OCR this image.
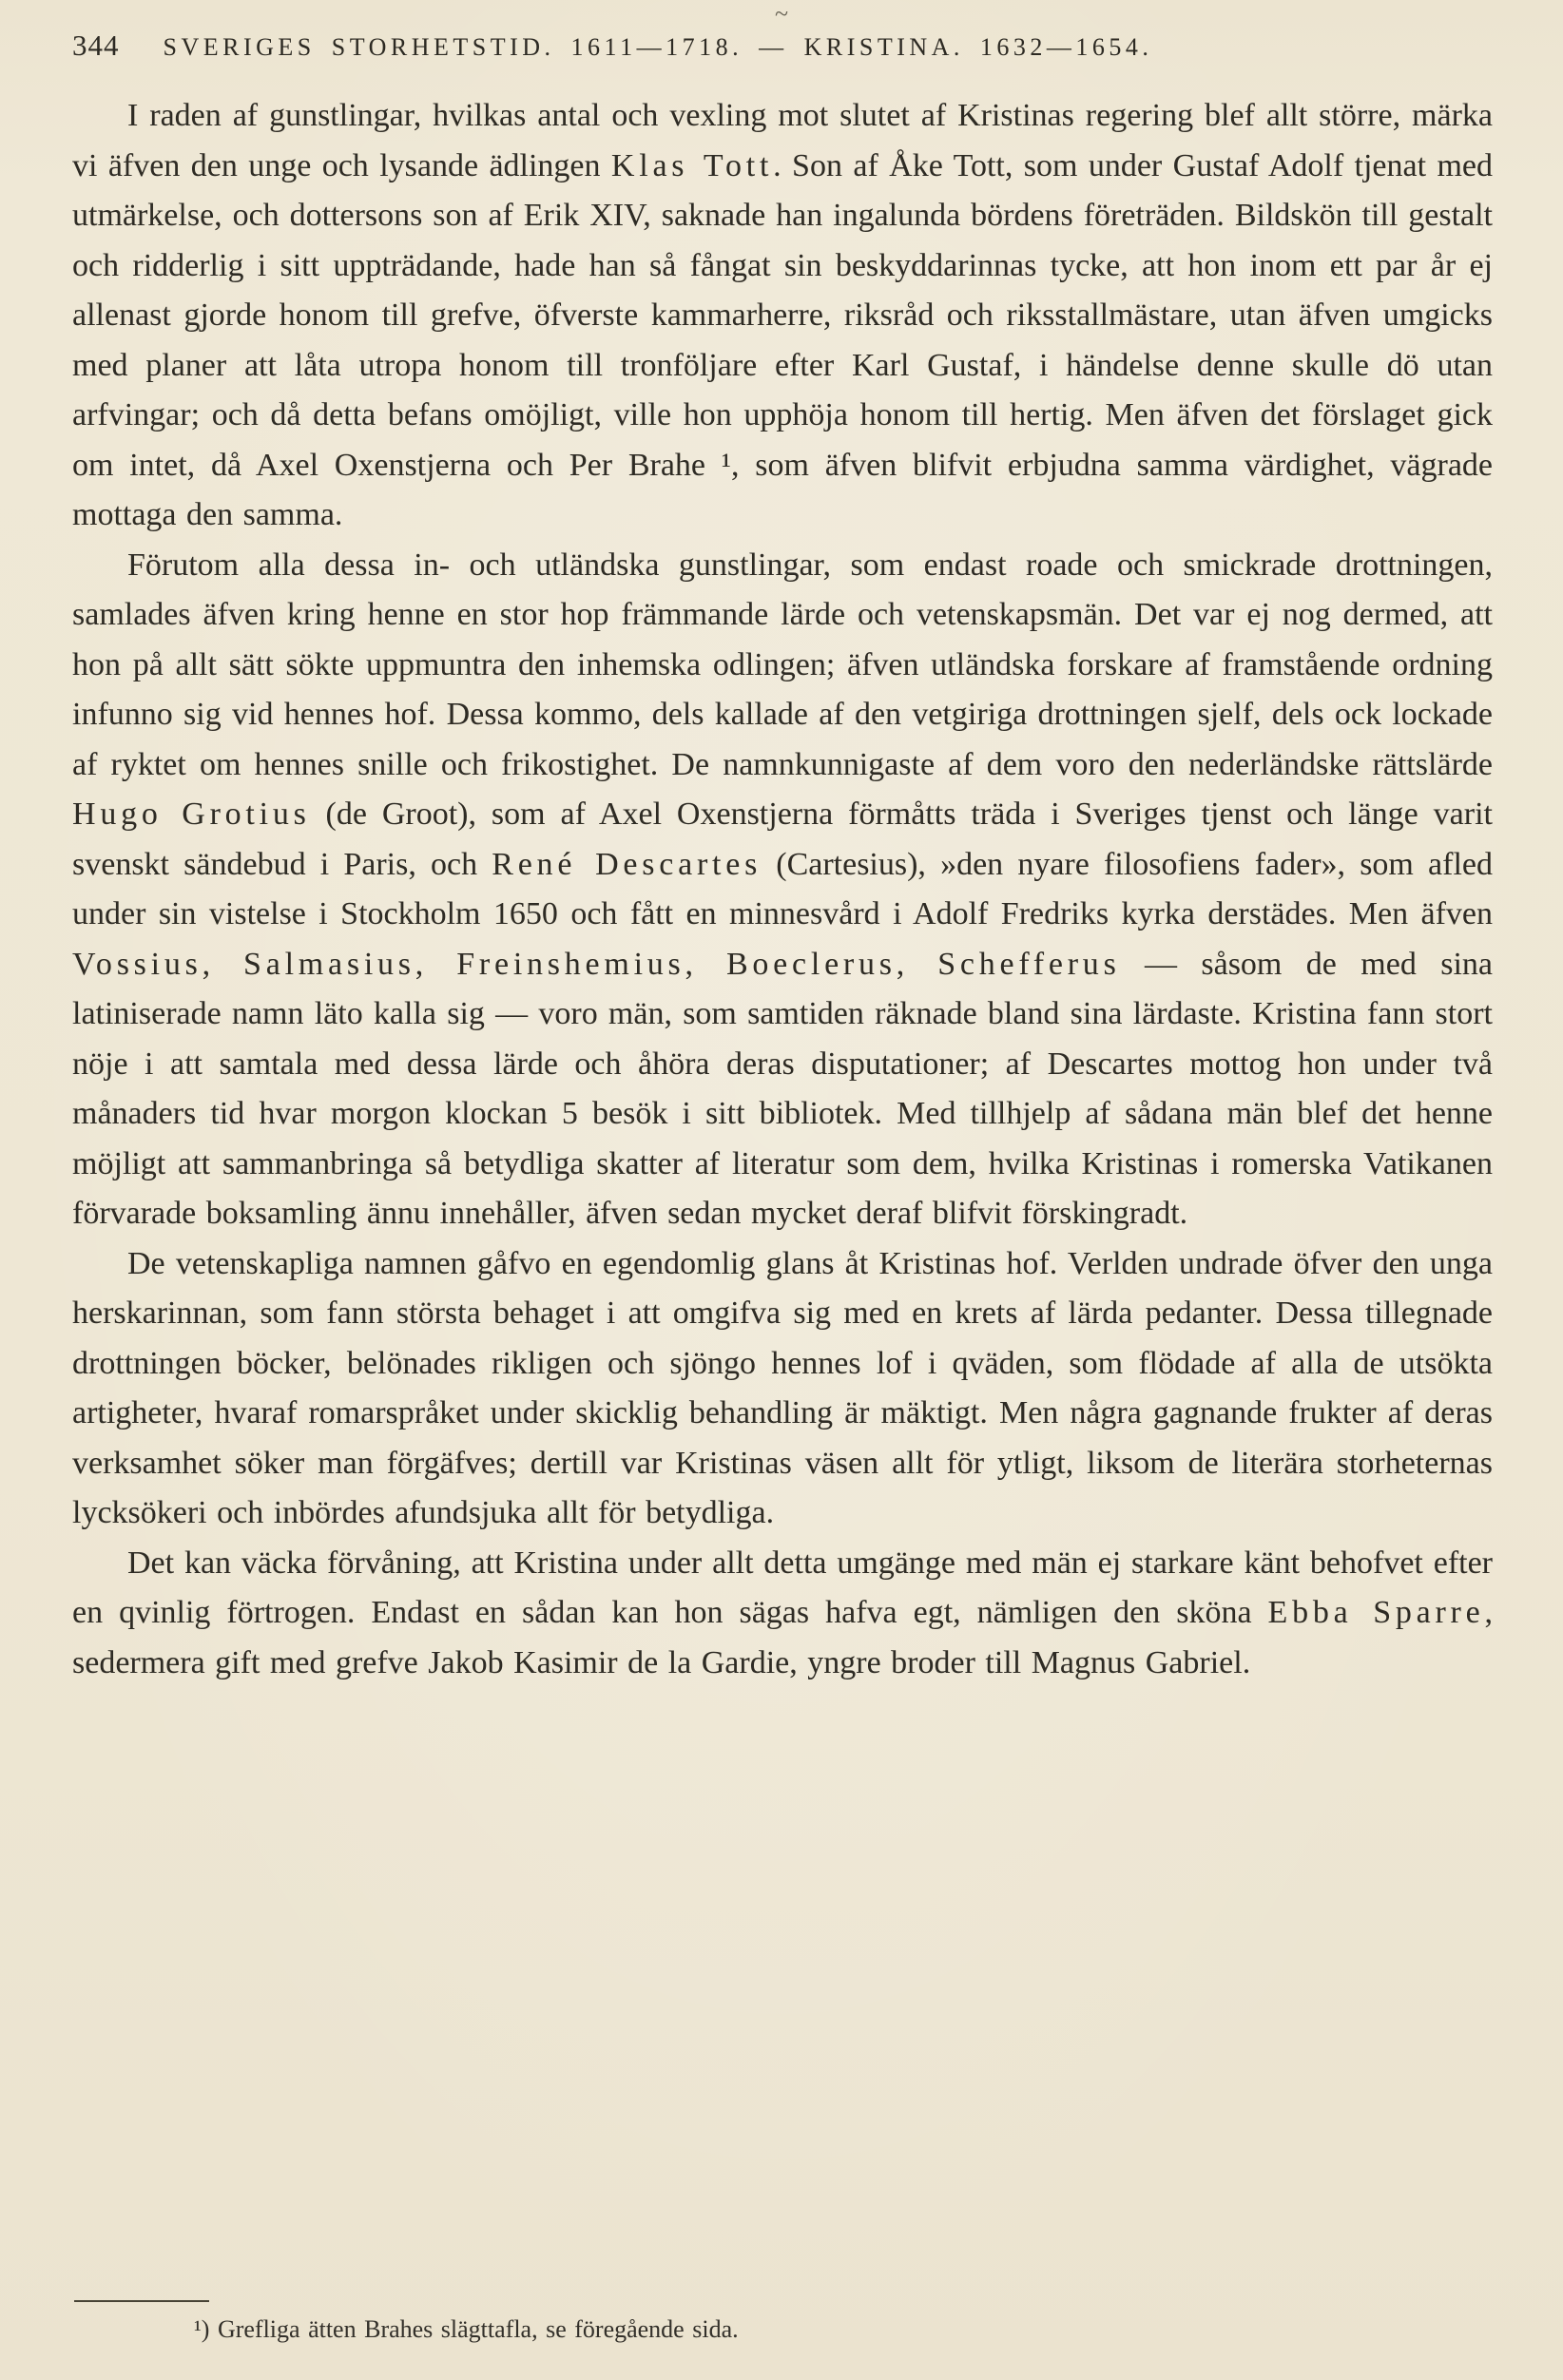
~
344 SVERIGES STORHETSTID. 1611—1718. — KRISTINA. 1632—1654.

I raden af gunstlingar, hvilkas antal och vexling mot slutet af Kristinas regering blef allt större, märka vi äfven den unge och lysande ädlingen Klas Tott. Son af Åke Tott, som under Gustaf Adolf tjenat med utmärkelse, och dottersons son af Erik XIV, saknade han ingalunda bördens företräden. Bildskön till gestalt och ridderlig i sitt uppträdande, hade han så fångat sin beskyddarinnas tycke, att hon inom ett par år ej allenast gjorde honom till grefve, öfverste kammarherre, riksråd och riksstallmästare, utan äfven umgicks med planer att låta utropa honom till tronföljare efter Karl Gustaf, i händelse denne skulle dö utan arfvingar; och då detta befans omöjligt, ville hon upphöja honom till hertig. Men äfven det förslaget gick om intet, då Axel Oxenstjerna och Per Brahe ¹, som äfven blifvit erbjudna samma värdighet, vägrade mottaga den samma.

Förutom alla dessa in- och utländska gunstlingar, som endast roade och smickrade drottningen, samlades äfven kring henne en stor hop främmande lärde och vetenskapsmän. Det var ej nog dermed, att hon på allt sätt sökte uppmuntra den inhemska odlingen; äfven utländska forskare af framstående ordning infunno sig vid hennes hof. Dessa kommo, dels kallade af den vetgiriga drottningen sjelf, dels ock lockade af ryktet om hennes snille och frikostighet. De namnkunnigaste af dem voro den nederländske rättslärde Hugo Grotius (de Groot), som af Axel Oxenstjerna förmåtts träda i Sveriges tjenst och länge varit svenskt sändebud i Paris, och René Descartes (Cartesius), »den nyare filosofiens fader», som afled under sin vistelse i Stockholm 1650 och fått en minnesvård i Adolf Fredriks kyrka derstädes. Men äfven Vossius, Salmasius, Freinshemius, Boeclerus, Schefferus — såsom de med sina latiniserade namn läto kalla sig — voro män, som samtiden räknade bland sina lärdaste. Kristina fann stort nöje i att samtala med dessa lärde och åhöra deras disputationer; af Descartes mottog hon under två månaders tid hvar morgon klockan 5 besök i sitt bibliotek. Med tillhjelp af sådana män blef det henne möjligt att sammanbringa så betydliga skatter af literatur som dem, hvilka Kristinas i romerska Vatikanen förvarade boksamling ännu innehåller, äfven sedan mycket deraf blifvit förskingradt.

De vetenskapliga namnen gåfvo en egendomlig glans åt Kristinas hof. Verlden undrade öfver den unga herskarinnan, som fann största behaget i att omgifva sig med en krets af lärda pedanter. Dessa tillegnade drottningen böcker, belönades rikligen och sjöngo hennes lof i qväden, som flödade af alla de utsökta artigheter, hvaraf romarspråket under skicklig behandling är mäktigt. Men några gagnande frukter af deras verksamhet söker man förgäfves; dertill var Kristinas väsen allt för ytligt, liksom de literära storheternas lycksökeri och inbördes afundsjuka allt för betydliga.

Det kan väcka förvåning, att Kristina under allt detta umgänge med män ej starkare känt behofvet efter en qvinlig förtrogen. Endast en sådan kan hon sägas hafva egt, nämligen den sköna Ebba Sparre, sedermera gift med grefve Jakob Kasimir de la Gardie, yngre broder till Magnus Gabriel.

¹) Grefliga ätten Brahes slägttafla, se föregående sida.
